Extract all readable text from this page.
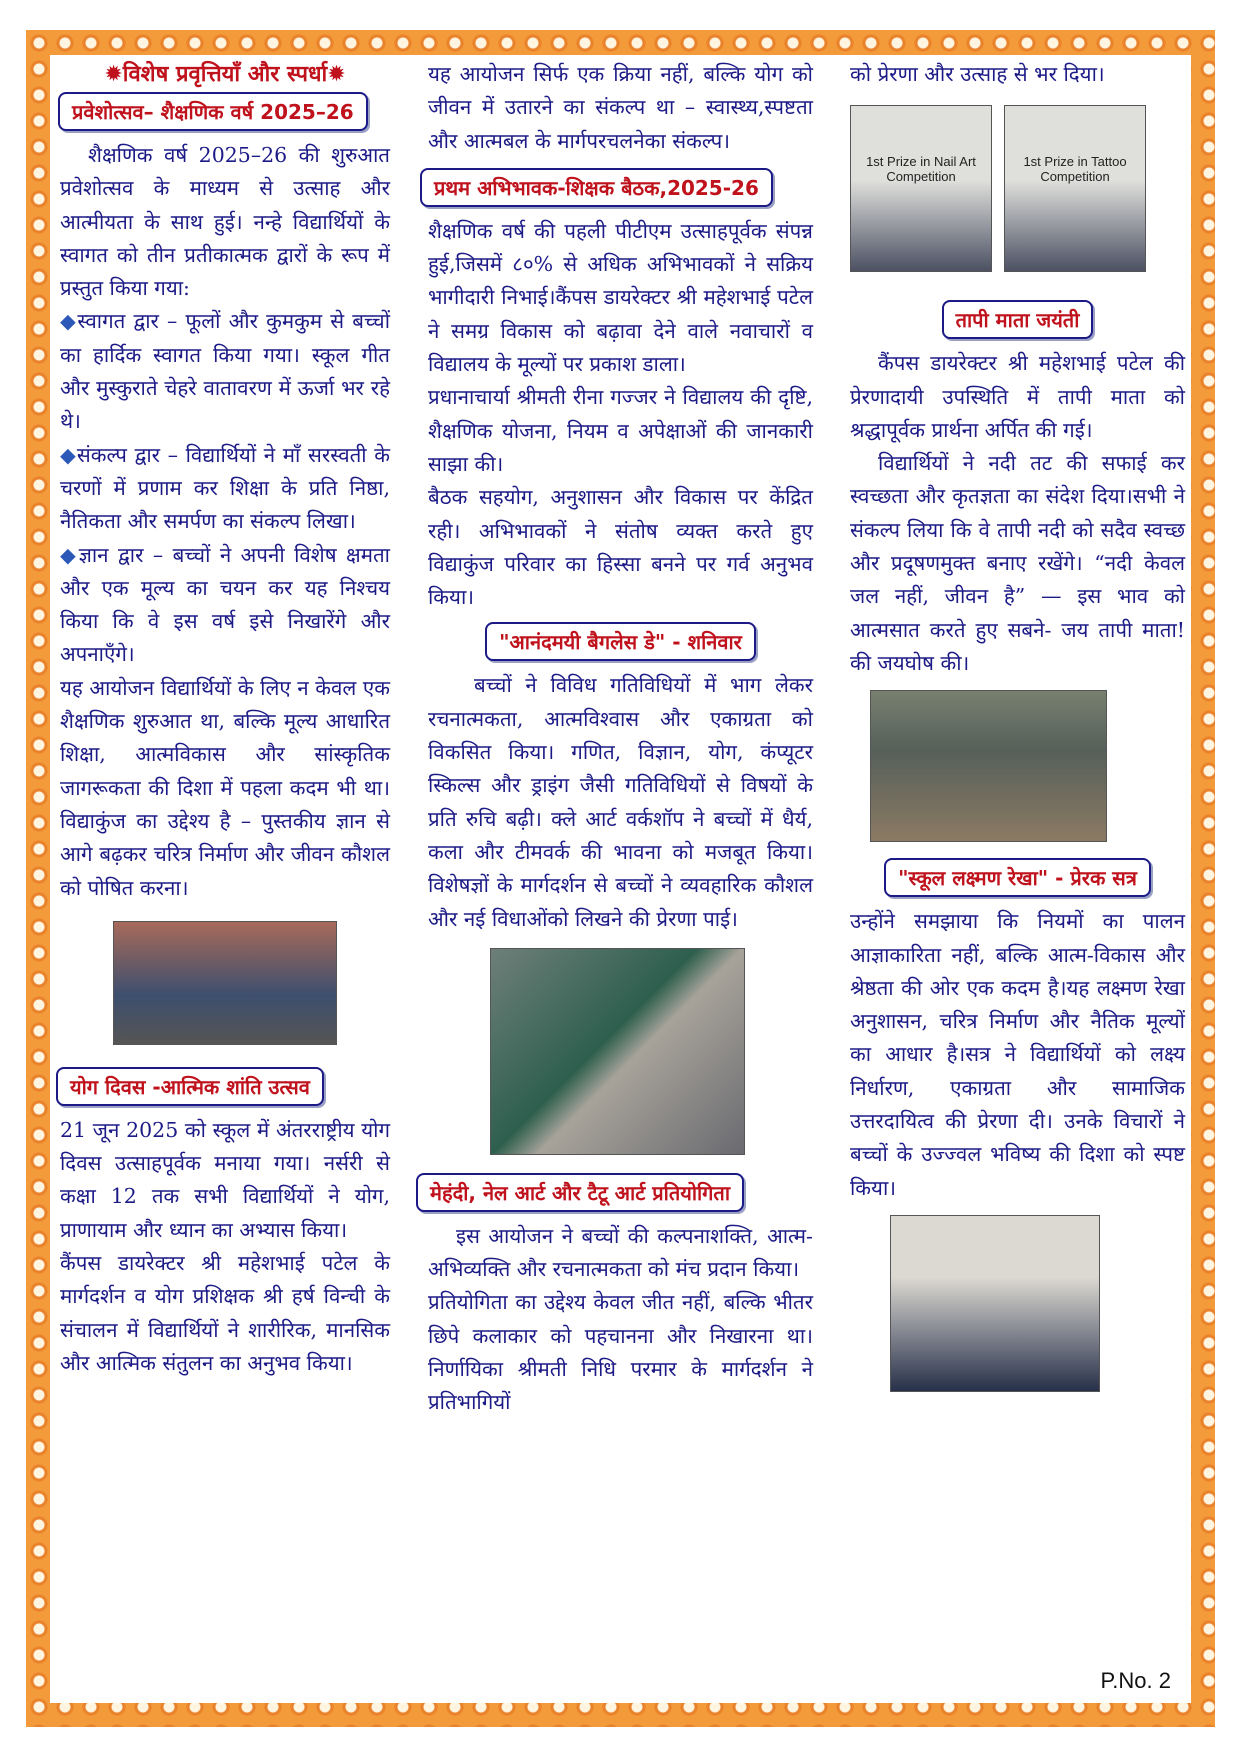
✹विशेष प्रवृत्तियाँ और स्पर्धा✹

प्रवेशोत्सव– शैक्षणिक वर्ष 2025–26

शैक्षणिक वर्ष 2025–26 की शुरुआत प्रवेशोत्सव के माध्यम से उत्साह और आत्मीयता के साथ हुई। नन्हे विद्यार्थियों के स्वागत को तीन प्रतीकात्मक द्वारों के रूप में प्रस्तुत किया गया:

◆स्वागत द्वार – फूलों और कुमकुम से बच्चों का हार्दिक स्वागत किया गया। स्कूल गीत और मुस्कुराते चेहरे वातावरण में ऊर्जा भर रहे थे।

◆संकल्प द्वार – विद्यार्थियों ने माँ सरस्वती के चरणों में प्रणाम कर शिक्षा के प्रति निष्ठा, नैतिकता और समर्पण का संकल्प लिखा।

◆ज्ञान द्वार – बच्चों ने अपनी विशेष क्षमता और एक मूल्य का चयन कर यह निश्चय किया कि वे इस वर्ष इसे निखारेंगे और अपनाएँगे।

यह आयोजन विद्यार्थियों के लिए न केवल एक शैक्षणिक शुरुआत था, बल्कि मूल्य आधारित शिक्षा, आत्मविकास और सांस्कृतिक जागरूकता की दिशा में पहला कदम भी था। विद्याकुंज का उद्देश्य है – पुस्तकीय ज्ञान से आगे बढ़कर चरित्र निर्माण और जीवन कौशल को पोषित करना।

योग दिवस -आत्मिक शांति उत्सव

21 जून 2025 को स्कूल में अंतरराष्ट्रीय योग दिवस उत्साहपूर्वक मनाया गया। नर्सरी से कक्षा 12 तक सभी विद्यार्थियों ने योग, प्राणायाम और ध्यान का अभ्यास किया।

कैंपस डायरेक्टर श्री महेशभाई पटेल के मार्गदर्शन व योग प्रशिक्षक श्री हर्ष विन्ची के संचालन में विद्यार्थियों ने शारीरिक, मानसिक और आत्मिक संतुलन का अनुभव किया।

यह आयोजन सिर्फ एक क्रिया नहीं, बल्कि योग को जीवन में उतारने का संकल्प था – स्वास्थ्य,स्पष्टता और आत्मबल के मार्गपरचलनेका संकल्प।

प्रथम अभिभावक-शिक्षक बैठक,2025-26

शैक्षणिक वर्ष की पहली पीटीएम उत्साहपूर्वक संपन्न हुई,जिसमें ८०% से अधिक अभिभावकों ने सक्रिय भागीदारी निभाई।कैंपस डायरेक्टर श्री महेशभाई पटेल ने समग्र विकास को बढ़ावा देने वाले नवाचारों व विद्यालय के मूल्यों पर प्रकाश डाला।

प्रधानाचार्या श्रीमती रीना गज्जर ने विद्यालय की दृष्टि, शैक्षणिक योजना, नियम व अपेक्षाओं की जानकारी साझा की।

बैठक सहयोग, अनुशासन और विकास पर केंद्रित रही। अभिभावकों ने संतोष व्यक्त करते हुए विद्याकुंज परिवार का हिस्सा बनने पर गर्व अनुभव किया।

"आनंदमयी बैगलेस डे" - शनिवार

बच्चों ने विविध गतिविधियों में भाग लेकर रचनात्मकता, आत्मविश्वास और एकाग्रता को विकसित किया। गणित, विज्ञान, योग, कंप्यूटर स्किल्स और ड्राइंग जैसी गतिविधियों से विषयों के प्रति रुचि बढ़ी। क्ले आर्ट वर्कशॉप ने बच्चों में धैर्य, कला और टीमवर्क की भावना को मजबूत किया।विशेषज्ञों के मार्गदर्शन से बच्चों ने व्यवहारिक कौशल और नई विधाओंको लिखने की प्रेरणा पाई।

मेहंदी, नेल आर्ट और टैटू आर्ट प्रतियोगिता

इस आयोजन ने बच्चों की कल्पनाशक्ति, आत्म-अभिव्यक्ति और रचनात्मकता को मंच प्रदान किया।

प्रतियोगिता का उद्देश्य केवल जीत नहीं, बल्कि भीतर छिपे कलाकार को पहचानना और निखारना था। निर्णायिका श्रीमती निधि परमार के मार्गदर्शन ने प्रतिभागियों

को प्रेरणा और उत्साह से भर दिया।

1st Prize in Nail Art Competition
1st Prize in Tattoo Competition
तापी माता जयंती

कैंपस डायरेक्टर श्री महेशभाई पटेल की प्रेरणादायी उपस्थिति में तापी माता को श्रद्धापूर्वक प्रार्थना अर्पित की गई।

विद्यार्थियों ने नदी तट की सफाई कर स्वच्छता और कृतज्ञता का संदेश दिया।सभी ने संकल्प लिया कि वे तापी नदी को सदैव स्वच्छ और प्रदूषणमुक्त बनाए रखेंगे। “नदी केवल जल नहीं, जीवन है” — इस भाव को आत्मसात करते हुए सबने- जय तापी माता! की जयघोष की।

"स्कूल लक्ष्मण रेखा" - प्रेरक सत्र

उन्होंने समझाया कि नियमों का पालन आज्ञाकारिता नहीं, बल्कि आत्म-विकास और श्रेष्ठता की ओर एक कदम है।यह लक्ष्मण रेखा अनुशासन, चरित्र निर्माण और नैतिक मूल्यों का आधार है।सत्र ने विद्यार्थियों को लक्ष्य निर्धारण, एकाग्रता और सामाजिक उत्तरदायित्व की प्रेरणा दी। उनके विचारों ने बच्चों के उज्ज्वल भविष्य की दिशा को स्पष्ट किया।

P.No. 2
